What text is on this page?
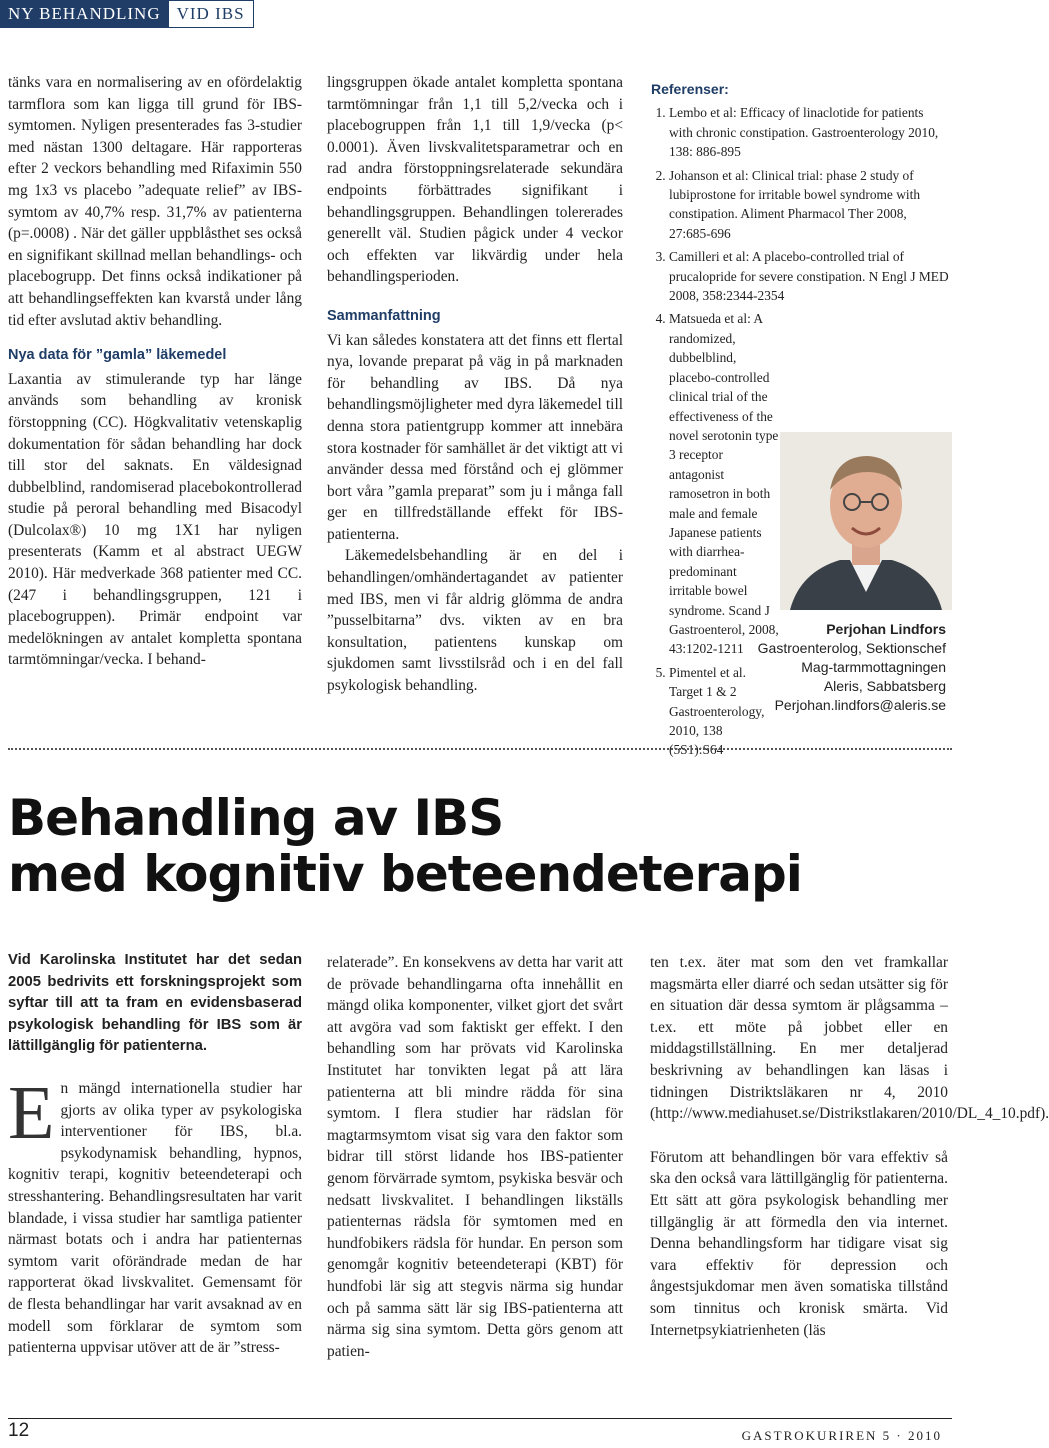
NY BEHANDLING VID IBS

tänks vara en normalisering av en ofördelaktig tarmflora som kan ligga till grund för IBS-symtomen. Nyligen presenterades fas 3-studier med nästan 1300 deltagare. Här rapporteras efter 2 veckors behandling med Rifaximin 550 mg 1x3 vs placebo ”adequate relief” av IBS-symtom av 40,7% resp. 31,7% av patienterna (p=.0008) . När det gäller uppblåsthet ses också en signifikant skillnad mellan behandlings- och placebogrupp. Det finns också indikationer på att behandlingseffekten kan kvarstå under lång tid efter avslutad aktiv behandling.

Nya data för ”gamla” läkemedel

Laxantia av stimulerande typ har länge används som behandling av kronisk förstoppning (CC). Högkvalitativ vetenskaplig dokumentation för sådan behandling har dock till stor del saknats. En väldesignad dubbelblind, randomiserad placebokontrollerad studie på peroral behandling med Bisacodyl (Dulcolax®) 10 mg 1X1 har nyligen presenterats (Kamm et al abstract UEGW 2010). Här medverkade 368 patienter med CC. (247 i behandlingsgruppen, 121 i placebogruppen). Primär endpoint var medelökningen av antalet kompletta spontana tarmtömningar/vecka. I behand-

lingsgruppen ökade antalet kompletta spontana tarmtömningar från 1,1 till 5,2/vecka och i placebogruppen från 1,1 till 1,9/vecka (p< 0.0001). Även livskvalitetsparametrar och en rad andra förstoppningsrelaterade sekundära endpoints förbättrades signifikant i behandlingsgruppen. Behandlingen tolererades generellt väl. Studien pågick under 4 veckor och effekten var likvärdig under hela behandlingsperioden.

Sammanfattning

Vi kan således konstatera att det finns ett flertal nya, lovande preparat på väg in på marknaden för behandling av IBS. Då nya behandlingsmöjligheter med dyra läkemedel till denna stora patientgrupp kommer att innebära stora kostnader för samhället är det viktigt att vi använder dessa med förstånd och ej glömmer bort våra ”gamla preparat” som ju i många fall ger en tillfredställande effekt för IBS-patienterna.

Läkemedelsbehandling är en del i behandlingen/omhändertagandet av patienter med IBS, men vi får aldrig glömma de andra ”pusselbitarna” dvs. vikten av en bra konsultation, patientens kunskap om sjukdomen samt livsstilsråd och i en del fall psykologisk behandling.

Referenser:
1. Lembo et al: Efficacy of linaclotide for patients with chronic constipation. Gastroenterology 2010, 138: 886-895
2. Johanson et al: Clinical trial: phase 2 study of lubiprostone for irritable bowel syndrome with constipation. Aliment Pharmacol Ther 2008, 27:685-696
3. Camilleri et al: A placebo-controlled trial of prucalopride for severe constipation. N Engl J MED 2008, 358:2344-2354
4. Matsueda et al: A randomized, dubbelblind, placebo-controlled clinical trial of the effectiveness of the novel serotonin type 3 receptor antagonist ramosetron in both male and female Japanese patients with diarrhea-predominant irritable bowel syndrome. Scand J Gastroenterol, 2008, 43:1202-1211
5. Pimentel et al. Target 1 & 2 Gastroenterology, 2010, 138 (5S1):S64
Perjohan Lindfors
Gastroenterolog, Sektionschef
Mag-tarmmottagningen
Aleris, Sabbatsberg
Perjohan.lindfors@aleris.se
Behandling av IBS
med kognitiv beteendeterapi

Vid Karolinska Institutet har det sedan 2005 bedrivits ett forskningsprojekt som syftar till att ta fram en evidensbaserad psykologisk behandling för IBS som är lättillgänglig för patienterna.

En mängd internationella studier har gjorts av olika typer av psykologiska interventioner för IBS, bl.a. psykodynamisk behandling, hypnos, kognitiv terapi, kognitiv beteendeterapi och stresshantering. Behandlingsresultaten har varit blandade, i vissa studier har samtliga patienter närmast botats och i andra har patienternas symtom varit oförändrade medan de har rapporterat ökad livskvalitet. Gemensamt för de flesta behandlingar har varit avsaknad av en modell som förklarar de symtom som patienterna uppvisar utöver att de är ”stress-

relaterade”. En konsekvens av detta har varit att de prövade behandlingarna ofta innehållit en mängd olika komponenter, vilket gjort det svårt att avgöra vad som faktiskt ger effekt. I den behandling som har prövats vid Karolinska Institutet har tonvikten legat på att lära patienterna att bli mindre rädda för sina symtom. I flera studier har rädslan för magtarmsymtom visat sig vara den faktor som bidrar till störst lidande hos IBS-patienter genom förvärrade symtom, psykiska besvär och nedsatt livskvalitet. I behandlingen likställs patienternas rädsla för symtomen med en hundfobikers rädsla för hundar. En person som genomgår kognitiv beteendeterapi (KBT) för hundfobi lär sig att stegvis närma sig hundar och på samma sätt lär sig IBS-patienterna att närma sig sina symtom. Detta görs genom att patien-

ten t.ex. äter mat som den vet framkallar magsmärta eller diarré och sedan utsätter sig för en situation där dessa symtom är plågsamma – t.ex. ett möte på jobbet eller en middagstillställning. En mer detaljerad beskrivning av behandlingen kan läsas i tidningen Distriktsläkaren nr 4, 2010 (http://www.mediahuset.se/Distrikstlakaren/2010/DL_4_10.pdf).

Förutom att behandlingen bör vara effektiv så ska den också vara lättillgänglig för patienterna. Ett sätt att göra psykologisk behandling mer tillgänglig är att förmedla den via internet. Denna behandlingsform har tidigare visat sig vara effektiv för depression och ångestsjukdomar men även somatiska tillstånd som tinnitus och kronisk smärta. Vid Internetpsykiatrienheten (läs

12	GASTROKURIREN 5 · 2010
